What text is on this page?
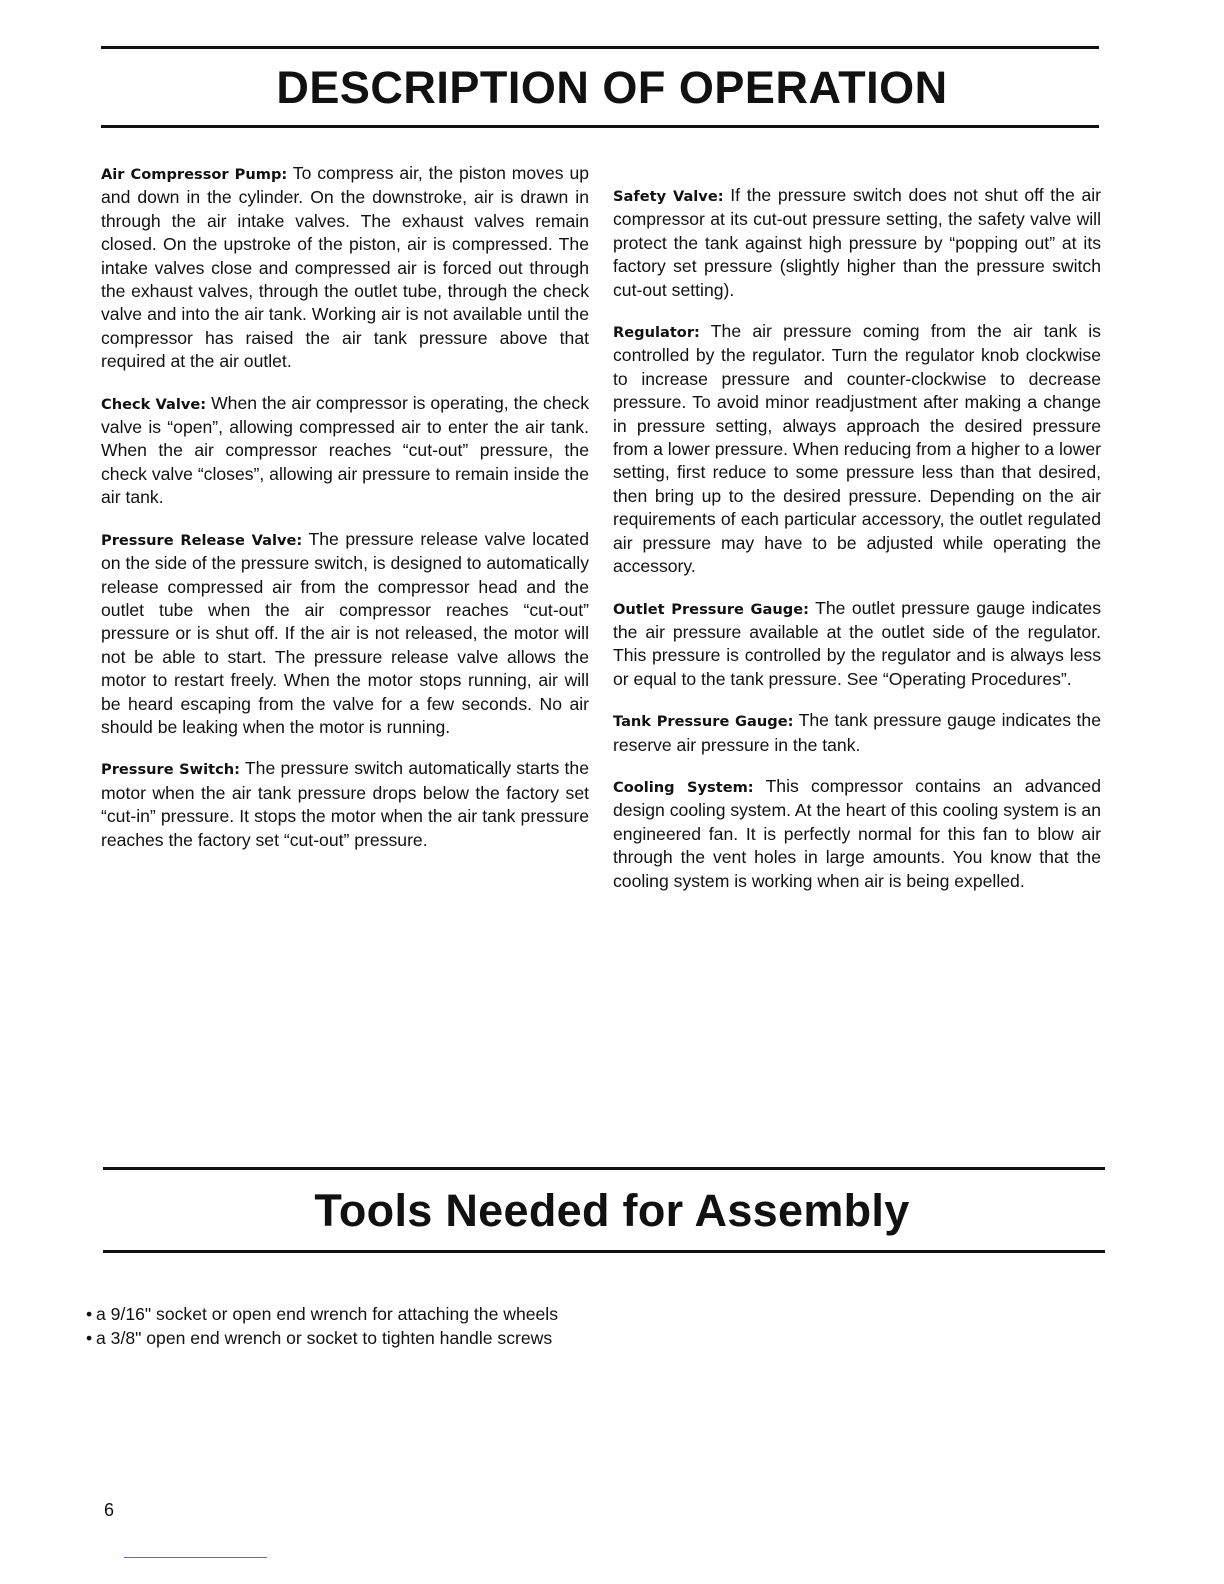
DESCRIPTION OF OPERATION

Air Compressor Pump: To compress air, the piston moves up and down in the cylinder. On the downstroke, air is drawn in through the air intake valves. The exhaust valves remain closed. On the upstroke of the piston, air is compressed. The intake valves close and compressed air is forced out through the exhaust valves, through the outlet tube, through the check valve and into the air tank. Working air is not available until the compressor has raised the air tank pressure above that required at the air outlet.

Check Valve: When the air compressor is operating, the check valve is “open”, allowing compressed air to enter the air tank. When the air compressor reaches “cut-out” pressure, the check valve “closes”, allowing air pressure to remain inside the air tank.

Pressure Release Valve: The pressure release valve located on the side of the pressure switch, is designed to automatically release compressed air from the compressor head and the outlet tube when the air compressor reaches “cut-out” pressure or is shut off. If the air is not released, the motor will not be able to start. The pressure release valve allows the motor to restart freely. When the motor stops running, air will be heard escaping from the valve for a few seconds. No air should be leaking when the motor is running.

Pressure Switch: The pressure switch automatically starts the motor when the air tank pressure drops below the factory set “cut-in” pressure. It stops the motor when the air tank pressure reaches the factory set “cut-out” pressure.

Safety Valve: If the pressure switch does not shut off the air compressor at its cut-out pressure setting, the safety valve will protect the tank against high pressure by “popping out” at its factory set pressure (slightly higher than the pressure switch cut-out setting).

Regulator: The air pressure coming from the air tank is controlled by the regulator. Turn the regulator knob clockwise to increase pressure and counter-clockwise to decrease pressure. To avoid minor readjustment after making a change in pressure setting, always approach the desired pressure from a lower pressure. When reducing from a higher to a lower setting, first reduce to some pressure less than that desired, then bring up to the desired pressure. Depending on the air requirements of each particular accessory, the outlet regulated air pressure may have to be adjusted while operating the accessory.

Outlet Pressure Gauge: The outlet pressure gauge indicates the air pressure available at the outlet side of the regulator. This pressure is controlled by the regulator and is always less or equal to the tank pressure. See “Operating Procedures”.

Tank Pressure Gauge: The tank pressure gauge indicates the reserve air pressure in the tank.

Cooling System: This compressor contains an advanced design cooling system. At the heart of this cooling system is an engineered fan. It is perfectly normal for this fan to blow air through the vent holes in large amounts. You know that the cooling system is working when air is being expelled.

Tools Needed for Assembly
• a 9/16" socket or open end wrench for attaching the wheels
• a 3/8" open end wrench or socket to tighten handle screws
6
